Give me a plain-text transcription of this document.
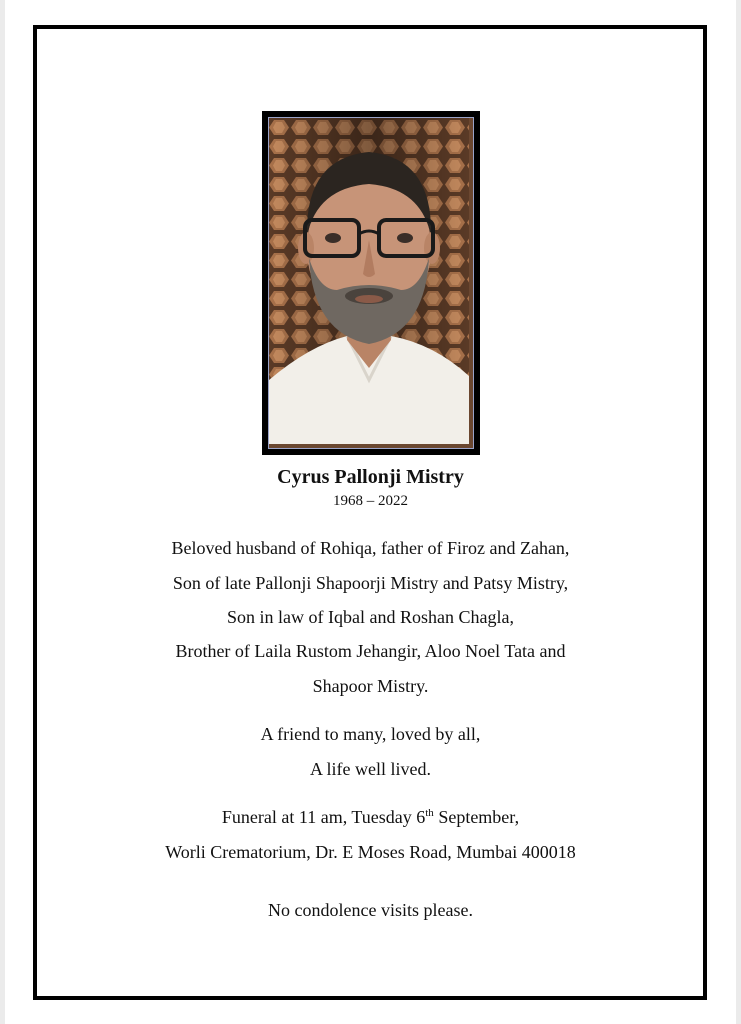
Cyrus Pallonji Mistry
1968 – 2022
Beloved husband of Rohiqa, father of Firoz and Zahan,
Son of late Pallonji Shapoorji Mistry and Patsy Mistry,
Son in law of Iqbal and Roshan Chagla,
Brother of Laila Rustom Jehangir, Aloo Noel Tata and
Shapoor Mistry.
A friend to many, loved by all,
A life well lived.
Funeral at 11 am, Tuesday 6th September,
Worli Crematorium, Dr. E Moses Road, Mumbai 400018
No condolence visits please.
